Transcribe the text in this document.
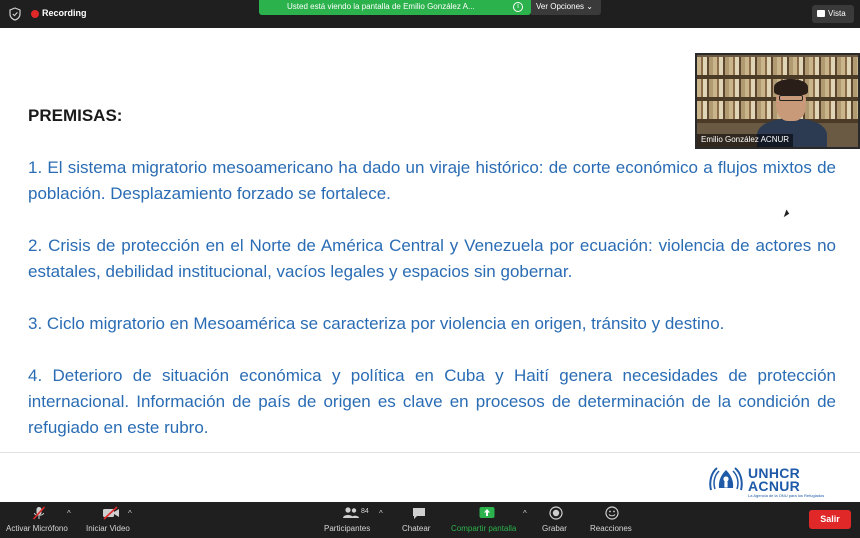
Recording
Usted está viendo la pantalla de Emilio González A...	i	Ver Opciones ⌄
Vista
PREMISAS:
1. El sistema migratorio mesoamericano ha dado un viraje histórico: de corte económico a flujos mixtos de población. Desplazamiento forzado se fortalece.
2. Crisis de protección en el Norte de América Central y Venezuela por ecuación: violencia de actores no estatales, debilidad institucional, vacíos legales y espacios sin gobernar.
3. Ciclo migratorio en Mesoamérica se caracteriza por violencia en origen, tránsito y destino.
4. Deterioro de situación económica y política en Cuba y Haití genera necesidades de protección internacional. Información de país de origen es clave en procesos de determinación de la condición de refugiado en este rubro.
UNHCR
ACNUR
La Agencia de la ONU para los Refugiados
Emilio González ACNUR
Activar Micrófono
^
Iniciar Video
^	84
Participantes
^
Chatear	Compartir pantalla
^
Grabar	Reacciones
Salir
